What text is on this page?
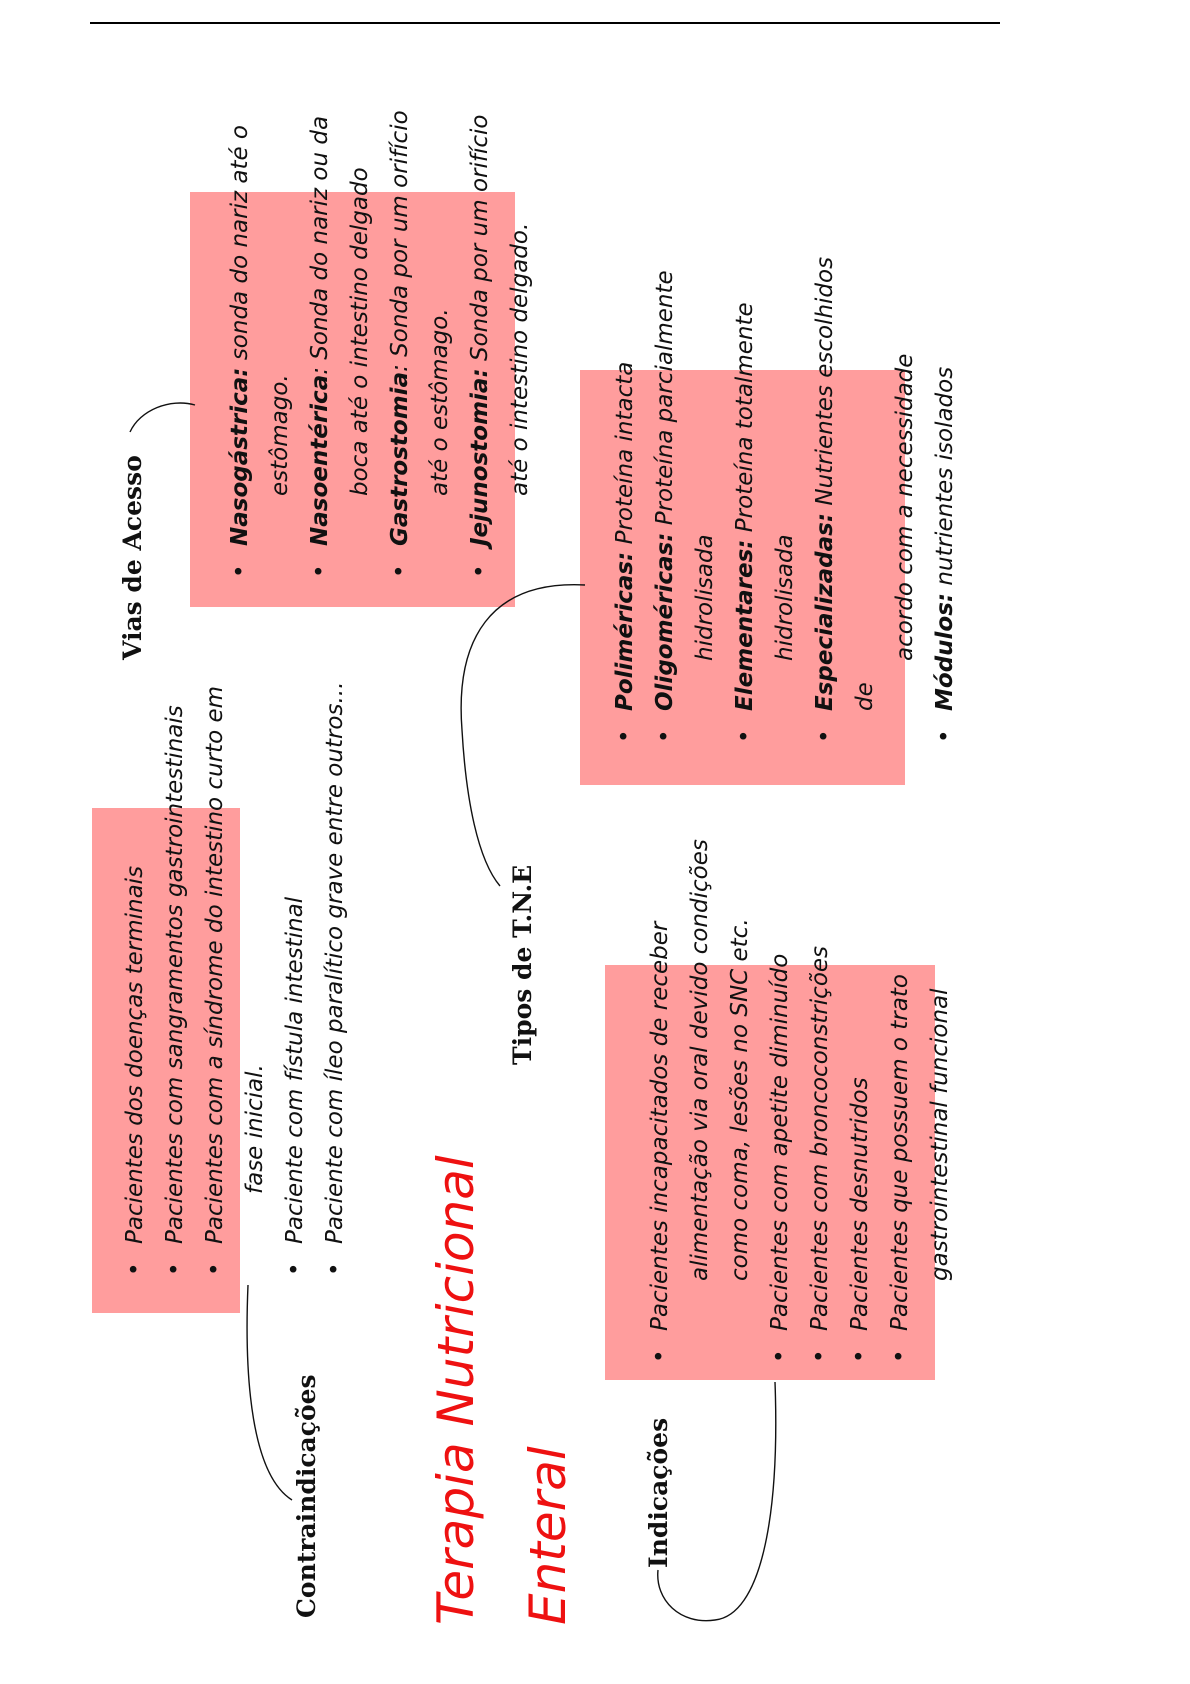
Terapia Nutricional Enteral
Contraindicações
Vias de Acesso
Tipos de T.N.E
Indicações
• Pacientes dos doenças terminais • Pacientes com sangramentos gastrointestinais • Pacientes com a síndrome do intestino curto em fase inicial. • Paciente com fístula intestinal • Paciente com íleo paralítico grave entre outros...
• Nasogástrica: sonda do nariz até o
estômago. • Nasoentérica: Sonda do nariz ou da boca até o intestino delgado • Gastrostomia: Sonda por um orifício
até o estômago. • Jejunostomia: Sonda por um orifício até o intestino delgado.
• Poliméricas: Proteína intacta
• Oligoméricas: Proteína parcialmente
hidrolisada • Elementares: Proteína totalmente
hidrolisada • Especializadas: Nutrientes escolhidos de
acordo com a necessidade • Módulos: nutrientes isolados
• Pacientes incapacitados de receber alimentação via oral devido condições como coma, lesões no SNC etc. • Pacientes com apetite diminuído • Pacientes com broncoconstrições • Pacientes desnutridos • Pacientes que possuem o trato gastrointestinal funcional
